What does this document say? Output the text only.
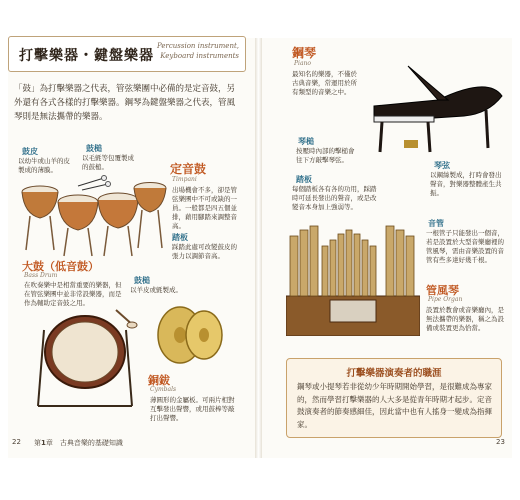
打擊樂器・鍵盤樂器
Percussion instrument,
Keyboard instruments
「鼓」為打擊樂器之代表，管弦樂團中必備的是定音鼓，另外還有各式各樣的打擊樂器。鋼琴為鍵盤樂器之代表，管風琴則是無法攜帶的樂器。
鼓皮
以幼牛或山羊的皮製成的薄膜。
鼓槌
以毛氈等包覆製成的鼓槌。	定音鼓
Timpani
出場機會不多，卻是管弦樂團中不可或缺的一員。一般都是四五個並排，藉用腳踏來調整音高。
踏板
踩踏此處可改變鼓皮的張力以調節音高。
大鼓（低音鼓）
Bass Drum
在吹奏樂中是相當重要的樂器，但在管弦樂團中並非常設樂器，而是作為輔助定音鼓之用。
鼓槌
以羊皮或氈製成。
銅鈸
Cymbals
薄圓形的金屬板。可兩片相對互擊發出聲響，或用鼓棒等敲打出聲響。
22 第1章　古典音樂的基礎知識
鋼琴
Piano
最知名的樂器，不僅於古典音樂，常運用於所有類型的音樂之中。
琴槌
按壓時內部的擊槌會往下方敲擊琴弦。
踏板
每個踏板各有各的功用，踩踏時可延長發出的聲音，或是改變音本身加上強弱等。
琴弦
以鋼絲製成，打時會發出聲音，對樂器整體產生共振。
音管
一根管子只能發出一個音，若是設置於大型音樂廳裡的管風琴，需由音樂設置的音管有些多達好幾千根。
管風琴
Pipe Organ
設置於教會或音樂廳內，是無法攜帶的樂器，稱之為設備或裝置更為恰當。
打擊樂器演奏者的職涯
鋼琴或小提琴若非從幼少年時期開始學習，是很難成為專家的，然而學習打擊樂器的人大多是從青年時期才起步。定音鼓演奏者的節奏感細佳，因此當中也有人搖身一變成為指揮家。
23
